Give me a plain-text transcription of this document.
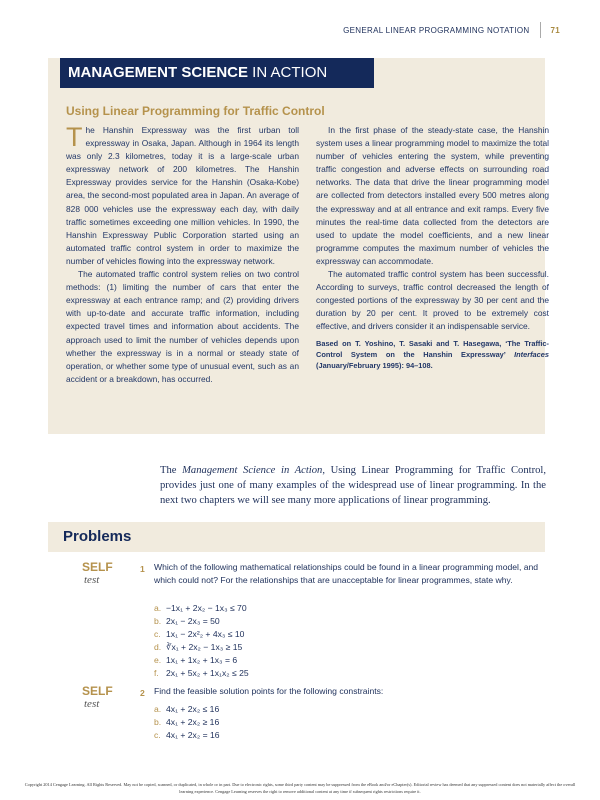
GENERAL LINEAR PROGRAMMING NOTATION	71
MANAGEMENT SCIENCE IN ACTION
Using Linear Programming for Traffic Control

The Hanshin Expressway was the first urban toll expressway in Osaka, Japan. Although in 1964 its length was only 2.3 kilometres, today it is a large-scale urban expressway network of 200 kilometres. The Hanshin Expressway provides service for the Hanshin (Osaka-Kobe) area, the second-most populated area in Japan. An average of 828 000 vehicles use the expressway each day, with daily traffic sometimes exceeding one million vehicles. In 1990, the Hanshin Expressway Public Corporation started using an automated traffic control system in order to maximize the number of vehicles flowing into the expressway network.

The automated traffic control system relies on two control methods: (1) limiting the number of cars that enter the expressway at each entrance ramp; and (2) providing drivers with up-to-date and accurate traffic information, including expected travel times and information about accidents. The approach used to limit the number of vehicles depends upon whether the expressway is in a normal or steady state of operation, or whether some type of unusual event, such as an accident or a breakdown, has occurred.

In the first phase of the steady-state case, the Hanshin system uses a linear programming model to maximize the total number of vehicles entering the system, while preventing traffic congestion and adverse effects on surrounding road networks. The data that drive the linear programming model are collected from detectors installed every 500 metres along the expressway and at all entrance and exit ramps. Every five minutes the real-time data collected from the detectors are used to update the model coefficients, and a new linear programme computes the maximum number of vehicles the expressway can accommodate.

The automated traffic control system has been successful. According to surveys, traffic control decreased the length of congested portions of the expressway by 30 per cent and the duration by 20 per cent. It proved to be extremely cost effective, and drivers consider it an indispensable service.

Based on T. Yoshino, T. Sasaki and T. Hasegawa, ‘The Traffic-Control System on the Hanshin Expressway’ Interfaces (January/February 1995): 94–108.

The Management Science in Action, Using Linear Programming for Traffic Control, provides just one of many examples of the widespread use of linear programming. In the next two chapters we will see many more applications of linear programming.
Problems
SELF
test
1 Which of the following mathematical relationships could be found in a linear programming model, and which could not? For the relationships that are unacceptable for linear programmes, state why.
a. −1x₁ + 2x₂ − 1x₃ ≤ 70
b. 2x₁ − 2x₃ = 50
c. 1x₁ − 2x²₂ + 4x₃ ≤ 10
d. ∛x₁ + 2x₂ − 1x₃ ≥ 15
e. 1x₁ + 1x₂ + 1x₃ = 6
f. 2x₁ + 5x₂ + 1x₁x₂ ≤ 25
SELF
test
2 Find the feasible solution points for the following constraints:
a. 4x₁ + 2x₂ ≤ 16
b. 4x₁ + 2x₂ ≥ 16
c. 4x₁ + 2x₂ = 16
Copyright 2014 Cengage Learning. All Rights Reserved. May not be copied, scanned, or duplicated, in whole or in part. Due to electronic rights, some third party content may be suppressed from the eBook and/or eChapter(s). Editorial review has deemed that any suppressed content does not materially affect the overall learning experience. Cengage Learning reserves the right to remove additional content at any time if subsequent rights restrictions require it.
